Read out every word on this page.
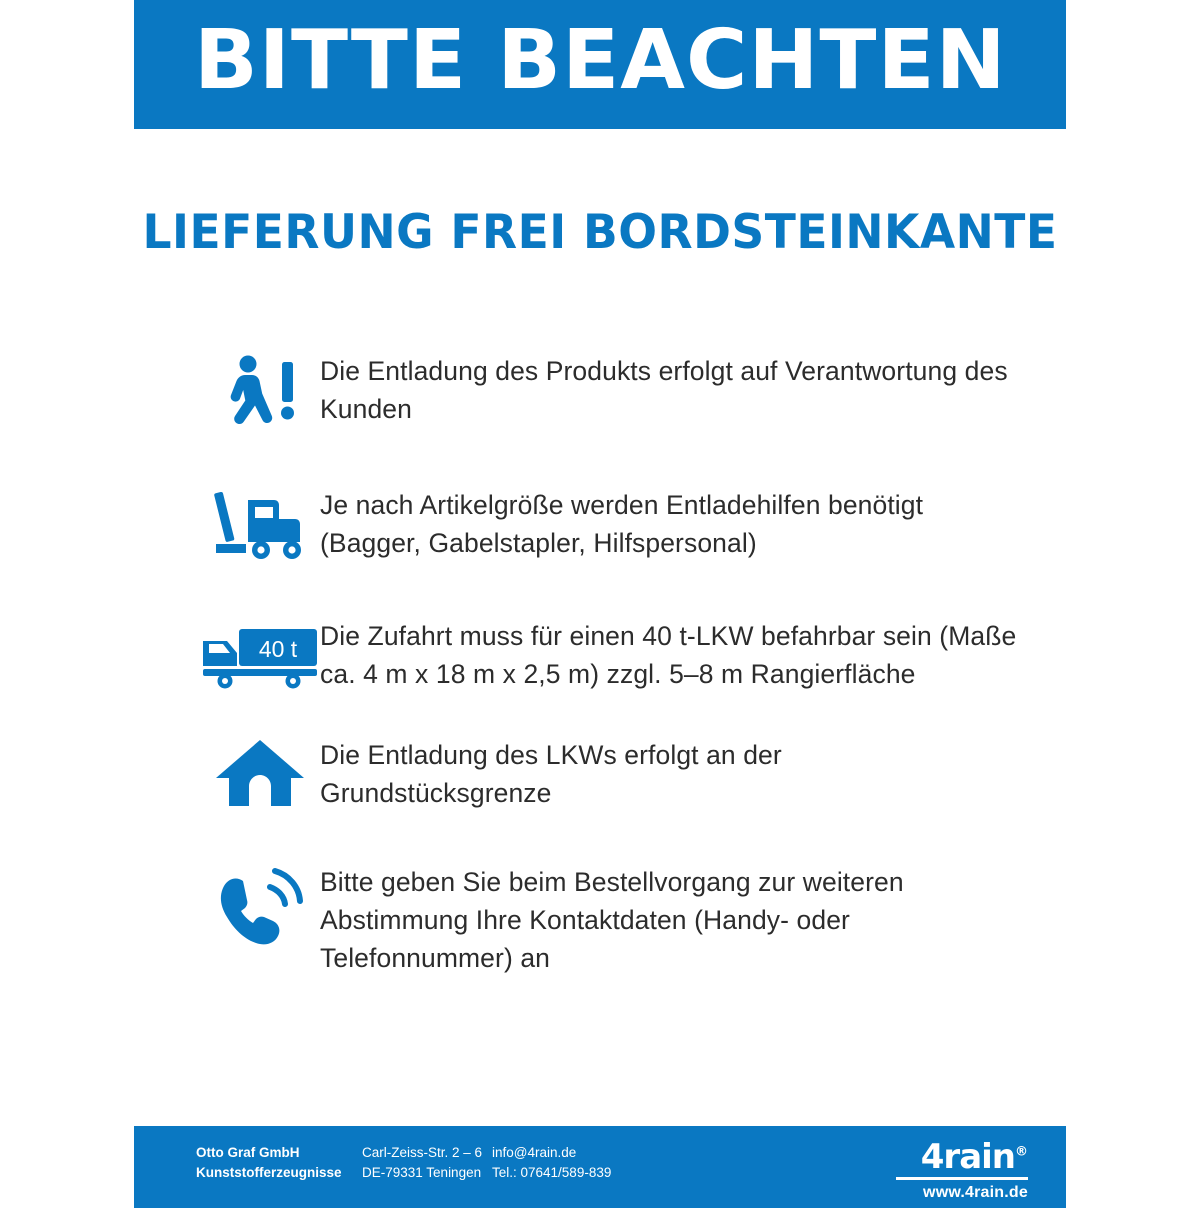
BITTE BEACHTEN
LIEFERUNG FREI BORDSTEINKANTE
Die Entladung des Produkts erfolgt auf Verantwortung des Kunden
Je nach Artikelgröße werden Entladehilfen benötigt (Bagger, Gabelstapler, Hilfspersonal)
40 t Die Zufahrt muss für einen 40 t-LKW befahrbar sein (Maße ca. 4 m x 18 m x 2,5 m) zzgl. 5–8 m Rangierfläche
Die Entladung des LKWs erfolgt an der Grundstücksgrenze
Bitte geben Sie beim Bestellvorgang zur weiteren Abstimmung Ihre Kontaktdaten (Handy- oder Telefonnummer) an
Otto Graf GmbH
Kunststofferzeugnisse
Carl-Zeiss-Str. 2 – 6
DE-79331 Teningen
info@4rain.de
Tel.: 07641/589-839	4rain®
www.4rain.de
